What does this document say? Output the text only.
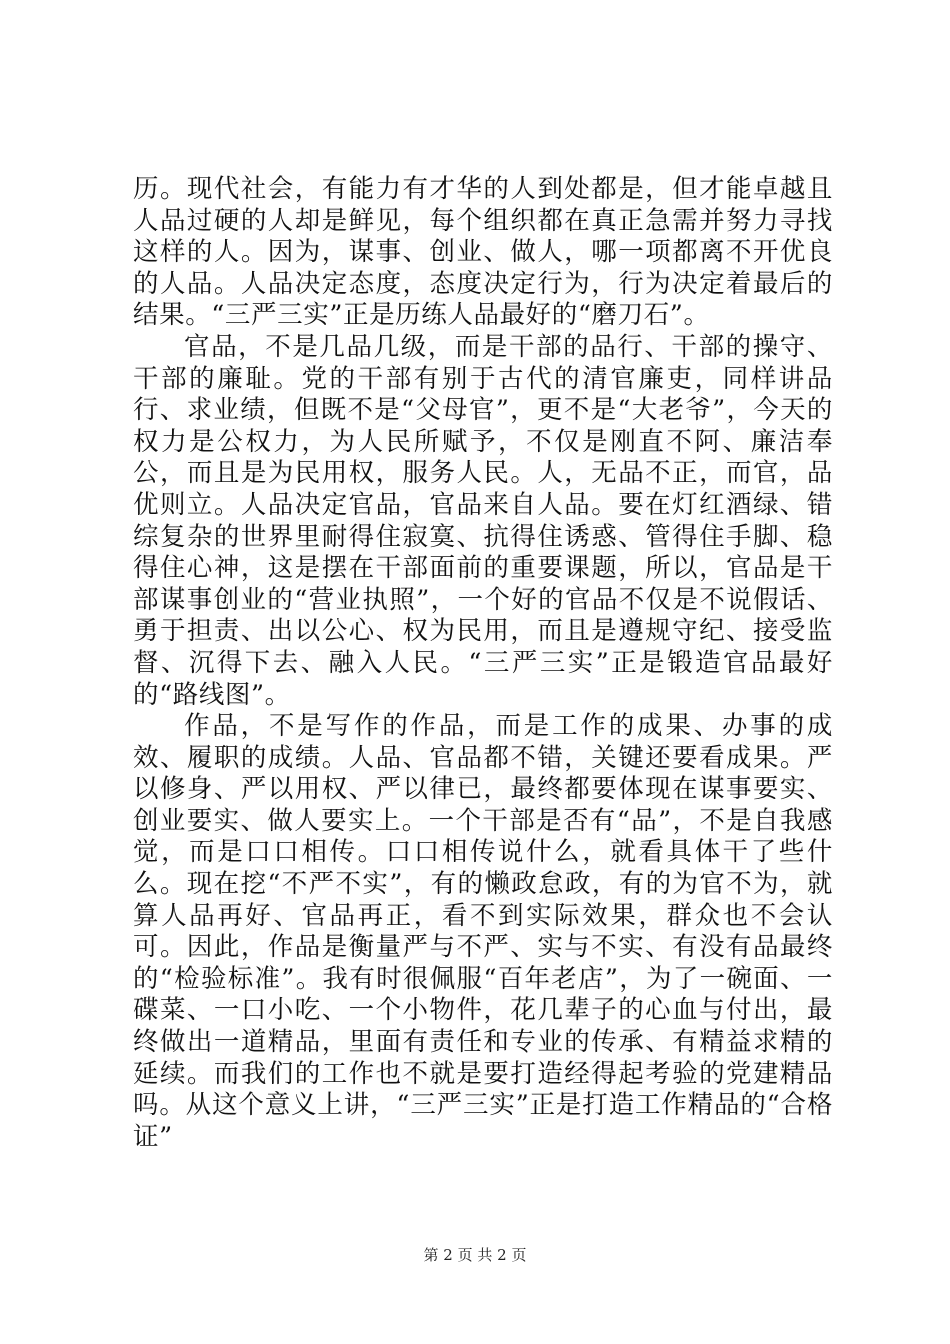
历。现代社会，有能力有才华的人到处都是，但才能卓越且人品过硬的人却是鲜见，每个组织都在真正急需并努力寻找这样的人。因为，谋事、创业、做人，哪一项都离不开优良的人品。人品决定态度，态度决定行为，行为决定着最后的结果。“三严三实”正是历练人品最好的“磨刀石”。

官品，不是几品几级，而是干部的品行、干部的操守、干部的廉耻。党的干部有别于古代的清官廉吏，同样讲品行、求业绩，但既不是“父母官”，更不是“大老爷”，今天的权力是公权力，为人民所赋予，不仅是刚直不阿、廉洁奉公，而且是为民用权，服务人民。人，无品不正，而官，品优则立。人品决定官品，官品来自人品。要在灯红酒绿、错综复杂的世界里耐得住寂寞、抗得住诱惑、管得住手脚、稳得住心神，这是摆在干部面前的重要课题，所以，官品是干部谋事创业的“营业执照”，一个好的官品不仅是不说假话、勇于担责、出以公心、权为民用，而且是遵规守纪、接受监督、沉得下去、融入人民。“三严三实”正是锻造官品最好的“路线图”。

作品，不是写作的作品，而是工作的成果、办事的成效、履职的成绩。人品、官品都不错，关键还要看成果。严以修身、严以用权、严以律已，最终都要体现在谋事要实、创业要实、做人要实上。一个干部是否有“品”，不是自我感觉，而是口口相传。口口相传说什么，就看具体干了些什么。现在挖“不严不实”，有的懒政怠政，有的为官不为，就算人品再好、官品再正，看不到实际效果，群众也不会认可。因此，作品是衡量严与不严、实与不实、有没有品最终的“检验标准”。我有时很佩服“百年老店”，为了一碗面、一碟菜、一口小吃、一个小物件，花几辈子的心血与付出，最终做出一道精品，里面有责任和专业的传承、有精益求精的延续。而我们的工作也不就是要打造经得起考验的党建精品吗。从这个意义上讲，“三严三实”正是打造工作精品的“合格证”

第 2 页 共 2 页
